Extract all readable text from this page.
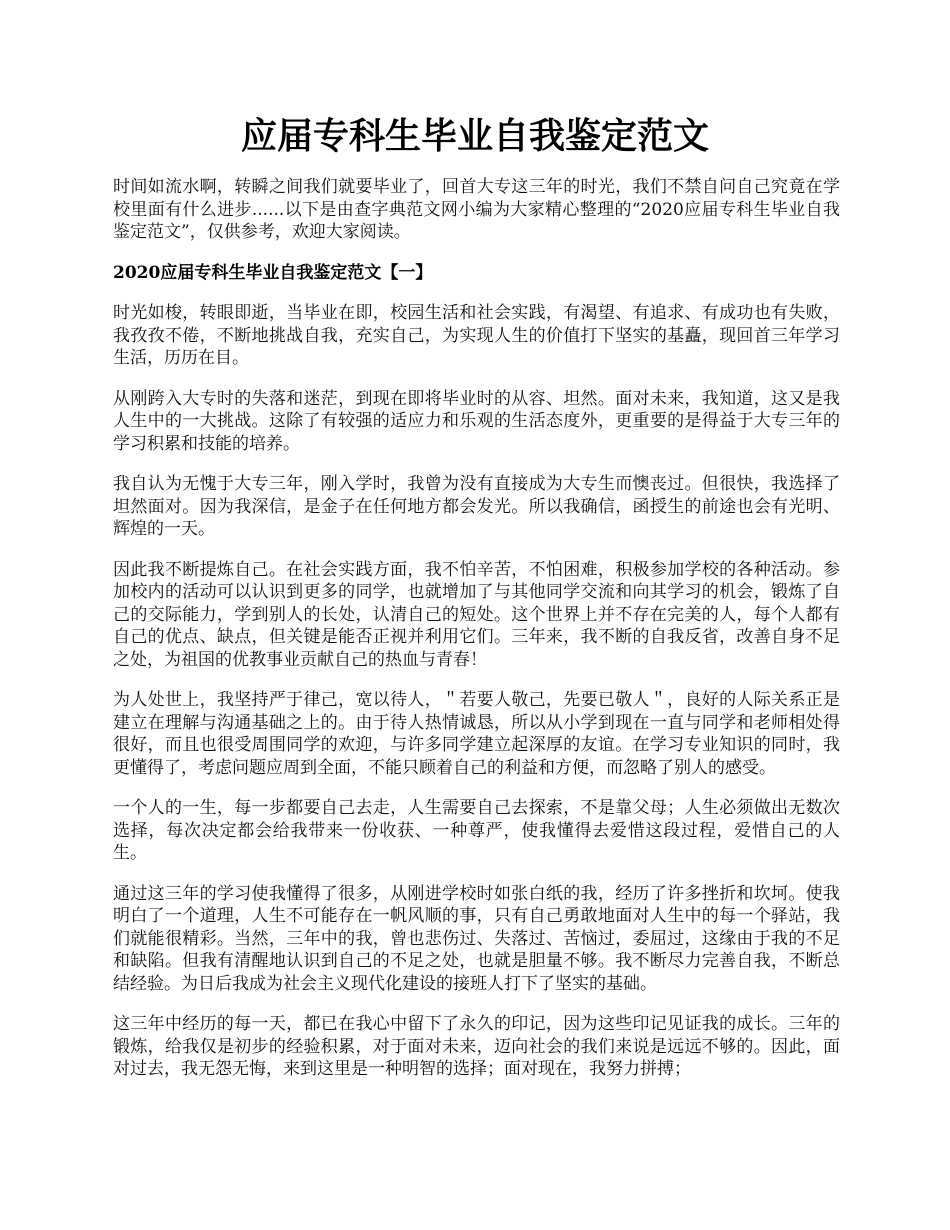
应届专科生毕业自我鉴定范文

时间如流水啊，转瞬之间我们就要毕业了，回首大专这三年的时光，我们不禁自问自己究竟在学校里面有什么进步......以下是由查字典范文网小编为大家精心整理的“2020应届专科生毕业自我鉴定范文”，仅供参考，欢迎大家阅读。

2020应届专科生毕业自我鉴定范文【一】

时光如梭，转眼即逝，当毕业在即，校园生活和社会实践，有渴望、有追求、有成功也有失败，我孜孜不倦，不断地挑战自我，充实自己，为实现人生的价值打下坚实的基矗，现回首三年学习生活，历历在目。

从刚跨入大专时的失落和迷茫，到现在即将毕业时的从容、坦然。面对未来，我知道，这又是我人生中的一大挑战。这除了有较强的适应力和乐观的生活态度外，更重要的是得益于大专三年的学习积累和技能的培养。

我自认为无愧于大专三年，刚入学时，我曾为没有直接成为大专生而懊丧过。但很快，我选择了坦然面对。因为我深信，是金子在任何地方都会发光。所以我确信，函授生的前途也会有光明、辉煌的一天。

因此我不断提炼自己。在社会实践方面，我不怕辛苦，不怕困难，积极参加学校的各种活动。参加校内的活动可以认识到更多的同学，也就增加了与其他同学交流和向其学习的机会，锻炼了自己的交际能力，学到别人的长处，认清自己的短处。这个世界上并不存在完美的人，每个人都有自己的优点、缺点，但关键是能否正视并利用它们。三年来，我不断的自我反省，改善自身不足之处，为祖国的优教事业贡献自己的热血与青春！

为人处世上，我坚持严于律己，宽以待人，＂若要人敬己，先要已敬人＂，良好的人际关系正是建立在理解与沟通基础之上的。由于待人热情诚恳，所以从小学到现在一直与同学和老师相处得很好，而且也很受周围同学的欢迎，与许多同学建立起深厚的友谊。在学习专业知识的同时，我更懂得了，考虑问题应周到全面，不能只顾着自己的利益和方便，而忽略了别人的感受。

一个人的一生，每一步都要自己去走，人生需要自己去探索，不是靠父母；人生必须做出无数次选择，每次决定都会给我带来一份收获、一种尊严，使我懂得去爱惜这段过程，爱惜自己的人生。

通过这三年的学习使我懂得了很多，从刚进学校时如张白纸的我，经历了许多挫折和坎坷。使我明白了一个道理，人生不可能存在一帆风顺的事，只有自己勇敢地面对人生中的每一个驿站，我们就能很精彩。当然，三年中的我，曾也悲伤过、失落过、苦恼过，委屈过，这缘由于我的不足和缺陷。但我有清醒地认识到自己的不足之处，也就是胆量不够。我不断尽力完善自我，不断总结经验。为日后我成为社会主义现代化建设的接班人打下了坚实的基础。

这三年中经历的每一天，都已在我心中留下了永久的印记，因为这些印记见证我的成长。三年的锻炼，给我仅是初步的经验积累，对于面对未来，迈向社会的我们来说是远远不够的。因此，面对过去，我无怨无悔，来到这里是一种明智的选择；面对现在，我努力拼搏；
